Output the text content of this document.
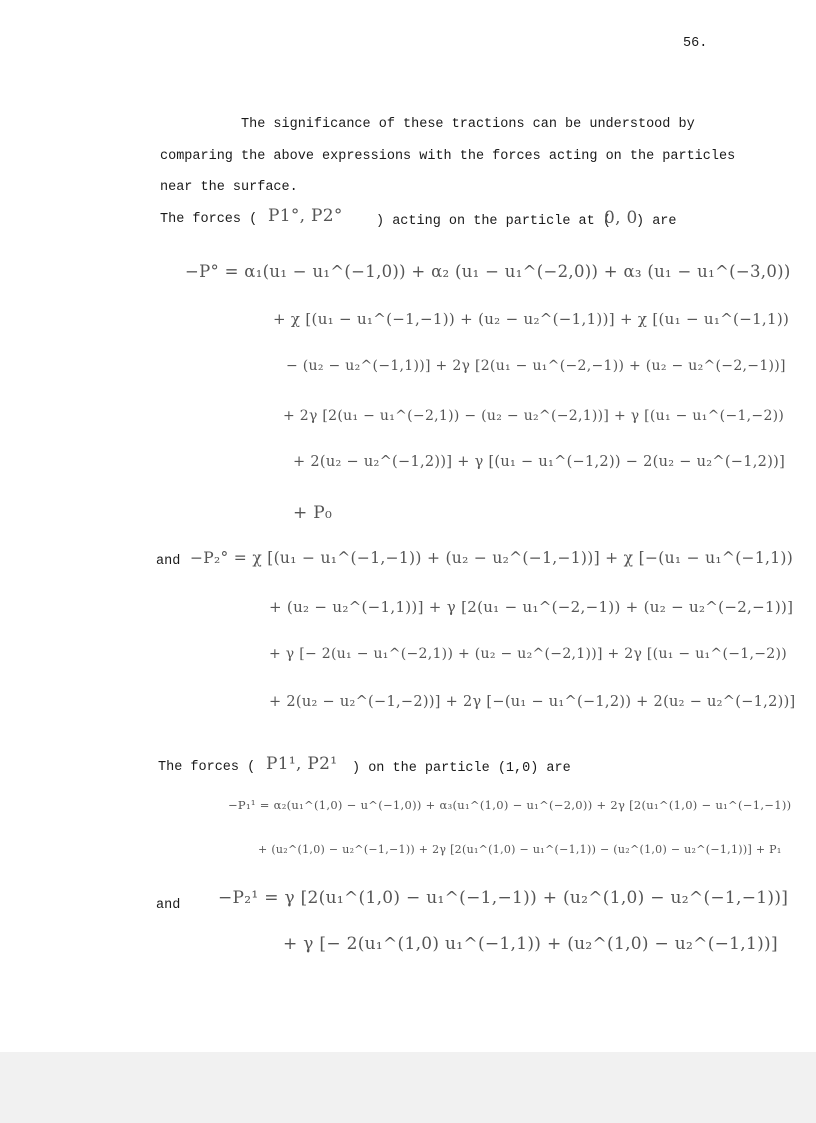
56.
The significance of these tractions can be understood by
comparing the above expressions with the forces acting on the particles
near the surface.
The forces ( P1°, P2° ) acting on the particle at (
0, 0
) are
−P° = α₁(u₁ − u₁^(−1,0)) + α₂ (u₁ − u₁^(−2,0)) + α₃ (u₁ − u₁^(−3,0))
+ χ [(u₁ − u₁^(−1,−1)) + (u₂ − u₂^(−1,1))] + χ [(u₁ − u₁^(−1,1))
− (u₂ − u₂^(−1,1))] + 2γ [2(u₁ − u₁^(−2,−1)) + (u₂ − u₂^(−2,−1))]
+ 2γ [2(u₁ − u₁^(−2,1)) − (u₂ − u₂^(−2,1))] + γ [(u₁ − u₁^(−1,−2))
+ 2(u₂ − u₂^(−1,2))] + γ [(u₁ − u₁^(−1,2)) − 2(u₂ − u₂^(−1,2))]
+ P₀
and −P₂° = χ [(u₁ − u₁^(−1,−1)) + (u₂ − u₂^(−1,−1))] + χ [−(u₁ − u₁^(−1,1))
+ (u₂ − u₂^(−1,1))] + γ [2(u₁ − u₁^(−2,−1)) + (u₂ − u₂^(−2,−1))]
+ γ [− 2(u₁ − u₁^(−2,1)) + (u₂ − u₂^(−2,1))] + 2γ [(u₁ − u₁^(−1,−2))
+ 2(u₂ − u₂^(−1,−2))] + 2γ [−(u₁ − u₁^(−1,2)) + 2(u₂ − u₂^(−1,2))]
The forces ( P1¹, P2¹ ) on the particle (1,0) are
−P₁¹ = α₂(u₁^(1,0) − u^(−1,0)) + α₃(u₁^(1,0) − u₁^(−2,0)) + 2γ [2(u₁^(1,0) − u₁^(−1,−1))
+ (u₂^(1,0) − u₂^(−1,−1)) + 2γ [2(u₁^(1,0) − u₁^(−1,1)) − (u₂^(1,0) − u₂^(−1,1))] + P₁
and −P₂¹ = γ [2(u₁^(1,0) − u₁^(−1,−1)) + (u₂^(1,0) − u₂^(−1,−1))]
+ γ [− 2(u₁^(1,0) u₁^(−1,1)) + (u₂^(1,0) − u₂^(−1,1))]
